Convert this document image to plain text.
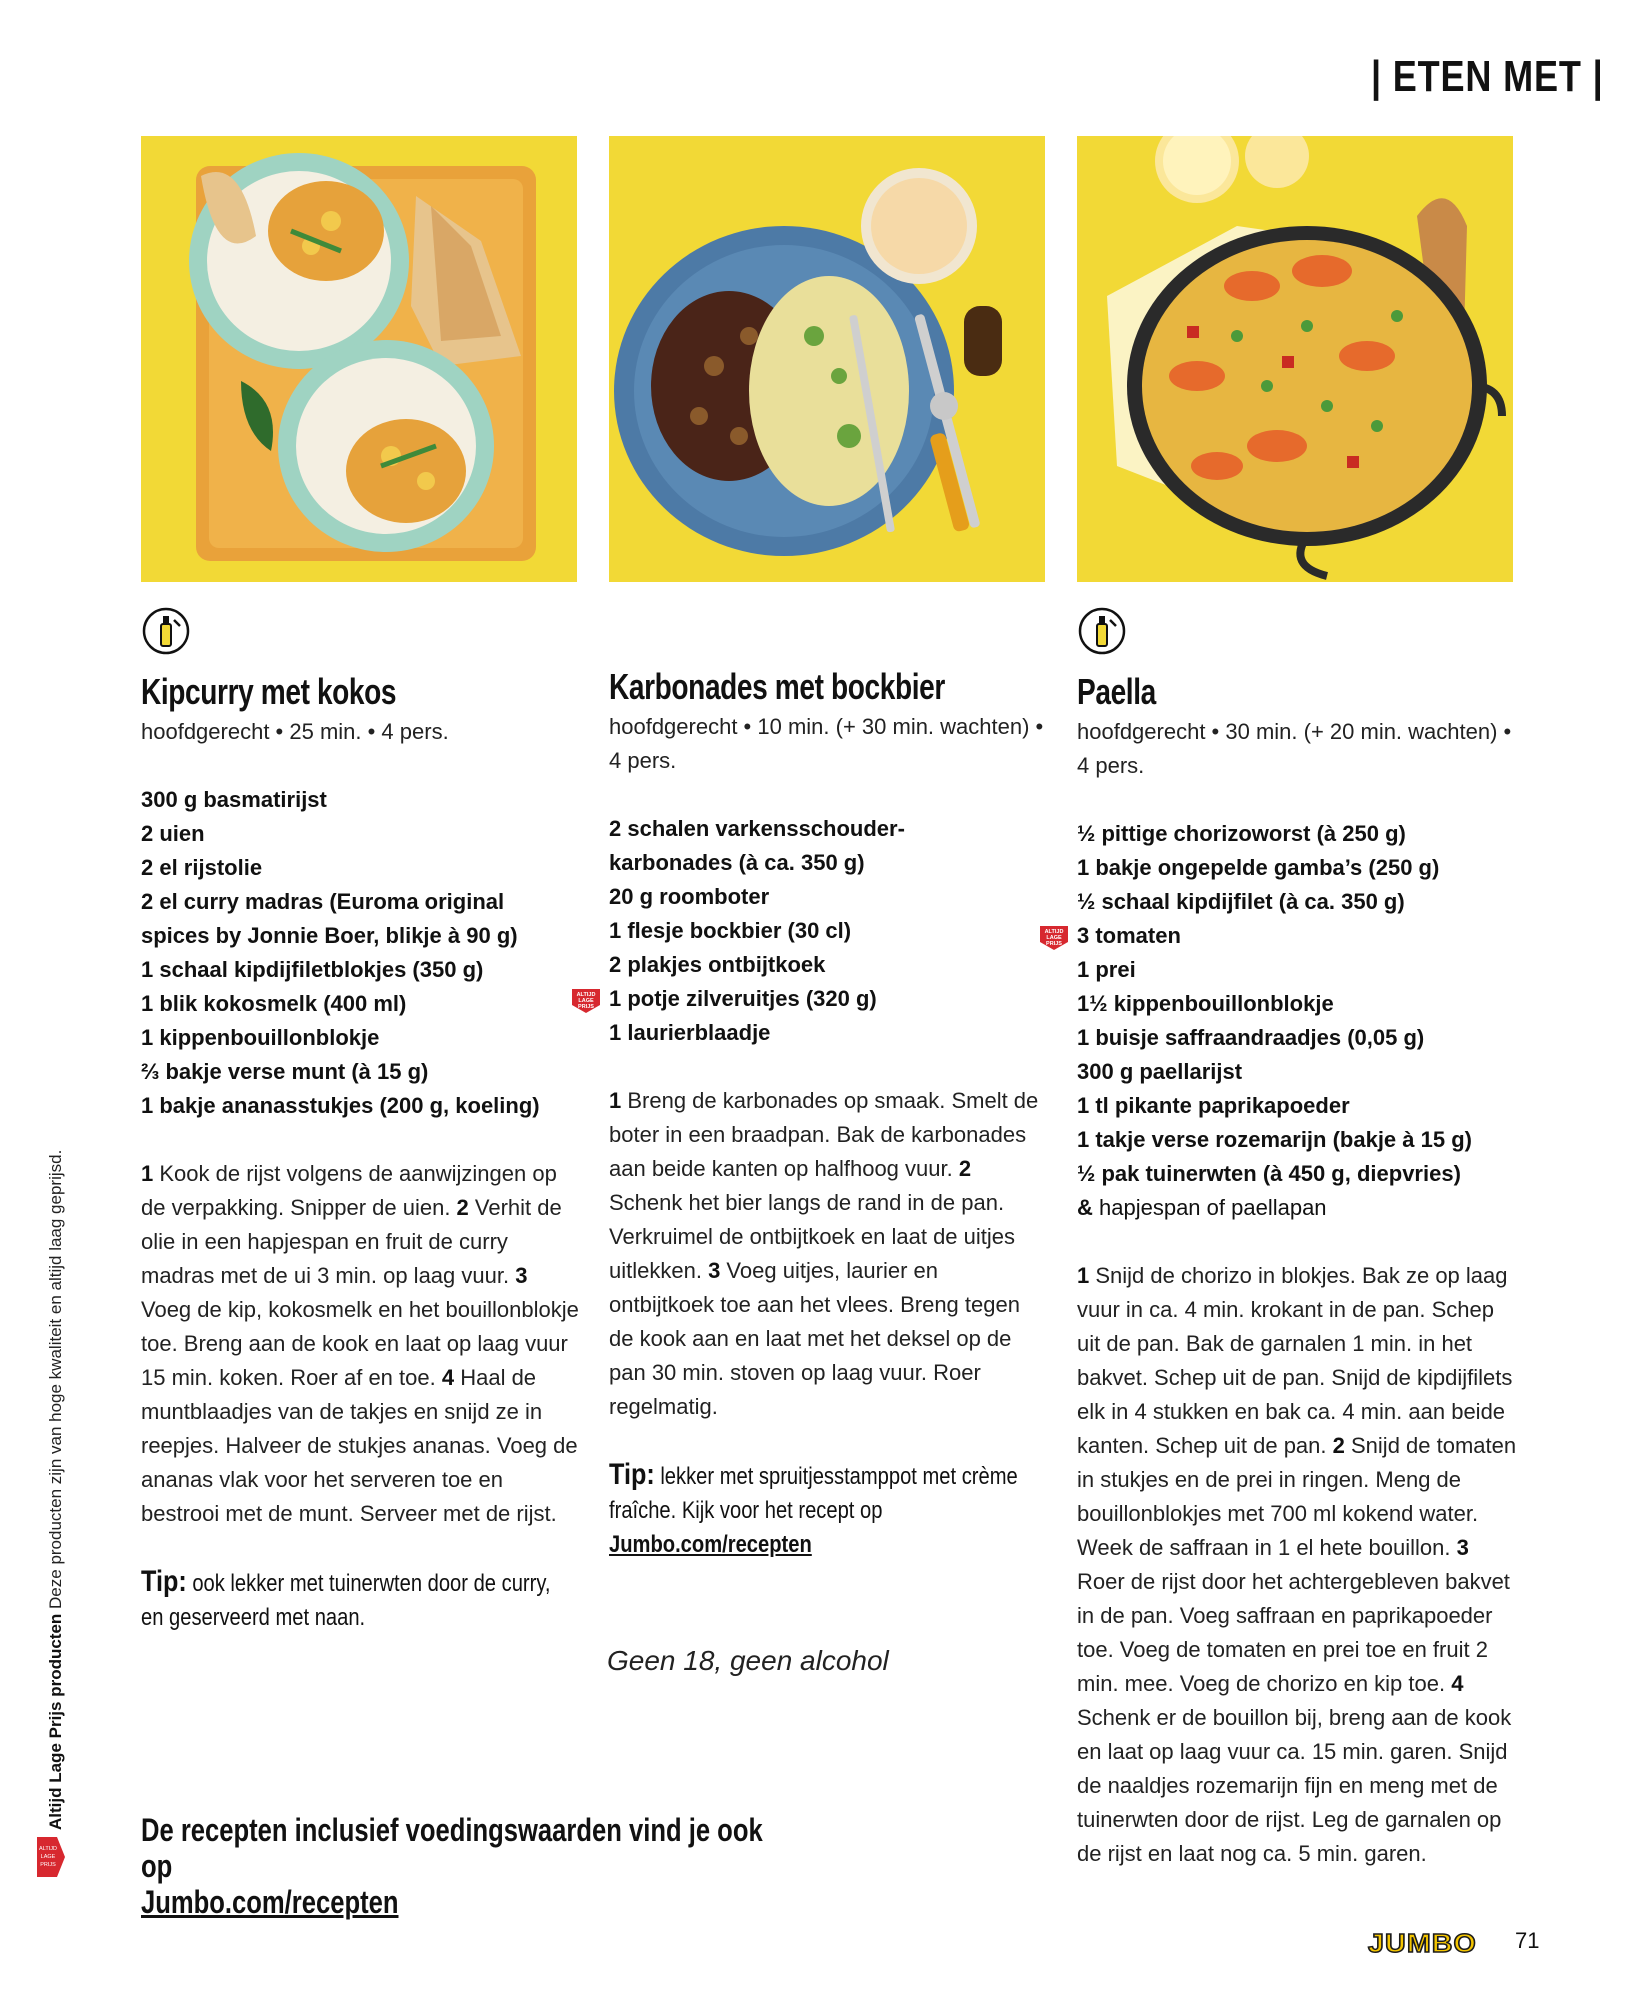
| ETEN MET |
Kipcurry met kokos
hoofdgerecht • 25 min. • 4 pers.
300 g basmatirijst
2 uien
2 el rijstolie
2 el curry madras (Euroma original
spices by Jonnie Boer, blikje à 90 g)
1 schaal kipdijfiletblokjes (350 g)
1 blik kokosmelk (400 ml)
1 kippenbouillonblokje
⅔ bakje verse munt (à 15 g)
1 bakje ananasstukjes (200 g, koeling)
1 Kook de rijst volgens de aanwijzingen op de verpakking. Snipper de uien. 2 Verhit de olie in een hapjespan en fruit de curry madras met de ui 3 min. op laag vuur. 3 Voeg de kip, kokosmelk en het bouillonblokje toe. Breng aan de kook en laat op laag vuur 15 min. koken. Roer af en toe. 4 Haal de muntblaadjes van de takjes en snijd ze in reepjes. Halveer de stukjes ananas. Voeg de ananas vlak voor het serveren toe en bestrooi met de munt. Serveer met de rijst.
Tip: ook lekker met tuinerwten door de curry, en geserveerd met naan.
Karbonades met bockbier
hoofdgerecht • 10 min. (+ 30 min. wachten) • 4 pers.
2 schalen varkensschouder-
karbonades (à ca. 350 g)
20 g roomboter
1 flesje bockbier (30 cl)
2 plakjes ontbijtkoek
ALTIJD
LAGE
PRIJS 1 potje zilveruitjes (320 g)
1 laurierblaadje
1 Breng de karbonades op smaak. Smelt de boter in een braadpan. Bak de karbonades aan beide kanten op halfhoog vuur. 2 Schenk het bier langs de rand in de pan. Verkruimel de ontbijtkoek en laat de uitjes uitlekken. 3 Voeg uitjes, laurier en ontbijtkoek toe aan het vlees. Breng tegen de kook aan en laat met het deksel op de pan 30 min. stoven op laag vuur. Roer regelmatig.
Tip: lekker met spruitjesstamppot met crème fraîche. Kijk voor het recept op Jumbo.com/recepten
Paella
hoofdgerecht • 30 min. (+ 20 min. wachten) • 4 pers.
½ pittige chorizoworst (à 250 g)
1 bakje ongepelde gamba’s (250 g)
½ schaal kipdijfilet (à ca. 350 g)
ALTIJD
LAGE
PRIJS 3 tomaten
1 prei
1½ kippenbouillonblokje
1 buisje saffraandraadjes (0,05 g)
300 g paellarijst
1 tl pikante paprikapoeder
1 takje verse rozemarijn (bakje à 15 g)
½ pak tuinerwten (à 450 g, diepvries)
& hapjespan of paellapan
1 Snijd de chorizo in blokjes. Bak ze op laag vuur in ca. 4 min. krokant in de pan. Schep uit de pan. Bak de garnalen 1 min. in het bakvet. Schep uit de pan. Snijd de kipdijfilets elk in 4 stukken en bak ca. 4 min. aan beide kanten. Schep uit de pan. 2 Snijd de tomaten in stukjes en de prei in ringen. Meng de bouillonblokjes met 700 ml kokend water. Week de saffraan in 1 el hete bouillon. 3 Roer de rijst door het achtergebleven bakvet in de pan. Voeg saffraan en paprikapoeder toe. Voeg de tomaten en prei toe en fruit 2 min. mee. Voeg de chorizo en kip toe. 4 Schenk er de bouillon bij, breng aan de kook en laat op laag vuur ca. 15 min. garen. Snijd de naaldjes rozemarijn fijn en meng met de tuinerwten door de rijst. Leg de garnalen op de rijst en laat nog ca. 5 min. garen.
Geen 18, geen alcohol
De recepten inclusief voedingswaarden vind je ook op
Jumbo.com/recepten
Altijd Lage Prijs producten Deze producten zijn van hoge kwaliteit en altijd laag geprijsd.
ALTIJD
LAGE
PRIJS
JUMBO 71
